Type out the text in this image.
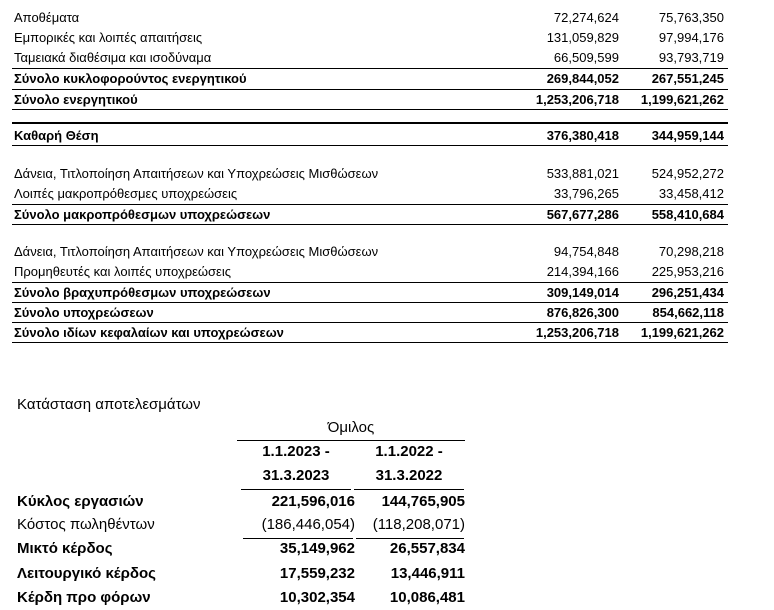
Αποθέματα	72,274,624	75,763,350
Εμπορικές και λοιπές απαιτήσεις	131,059,829	97,994,176
Ταμειακά διαθέσιμα και ισοδύναμα	66,509,599	93,793,719
Σύνολο κυκλοφορούντος ενεργητικού	269,844,052	267,551,245
Σύνολο ενεργητικού	1,253,206,718 1,199,621,262
Καθαρή Θέση	376,380,418	344,959,144
Δάνεια, Τιτλοποίηση Απαιτήσεων και Υποχρεώσεις Μισθώσεων	533,881,021	524,952,272
Λοιπές μακροπρόθεσμες υποχρεώσεις	33,796,265	33,458,412
Σύνολο μακροπρόθεσμων υποχρεώσεων	567,677,286	558,410,684
Δάνεια, Τιτλοποίηση Απαιτήσεων και Υποχρεώσεις Μισθώσεων	94,754,848	70,298,218
Προμηθευτές και λοιπές υποχρεώσεις	214,394,166	225,953,216
Σύνολο βραχυπρόθεσμων υποχρεώσεων	309,149,014	296,251,434
Σύνολο υποχρεώσεων	876,826,300	854,662,118
Σύνολο ιδίων κεφαλαίων και υποχρεώσεων	1,253,206,718 1,199,621,262
Κατάσταση αποτελεσμάτων
Όμιλος
1.1.2023 -
31.3.2023
1.1.2022 -
31.3.2022
Κύκλος εργασιών	221,596,016	144,765,905
Κόστος πωληθέντων	(186,446,054)	(118,208,071)
Μικτό κέρδος	35,149,962	26,557,834
Λειτουργικό κέρδος	17,559,232	13,446,911
Κέρδη προ φόρων	10,302,354	10,086,481
